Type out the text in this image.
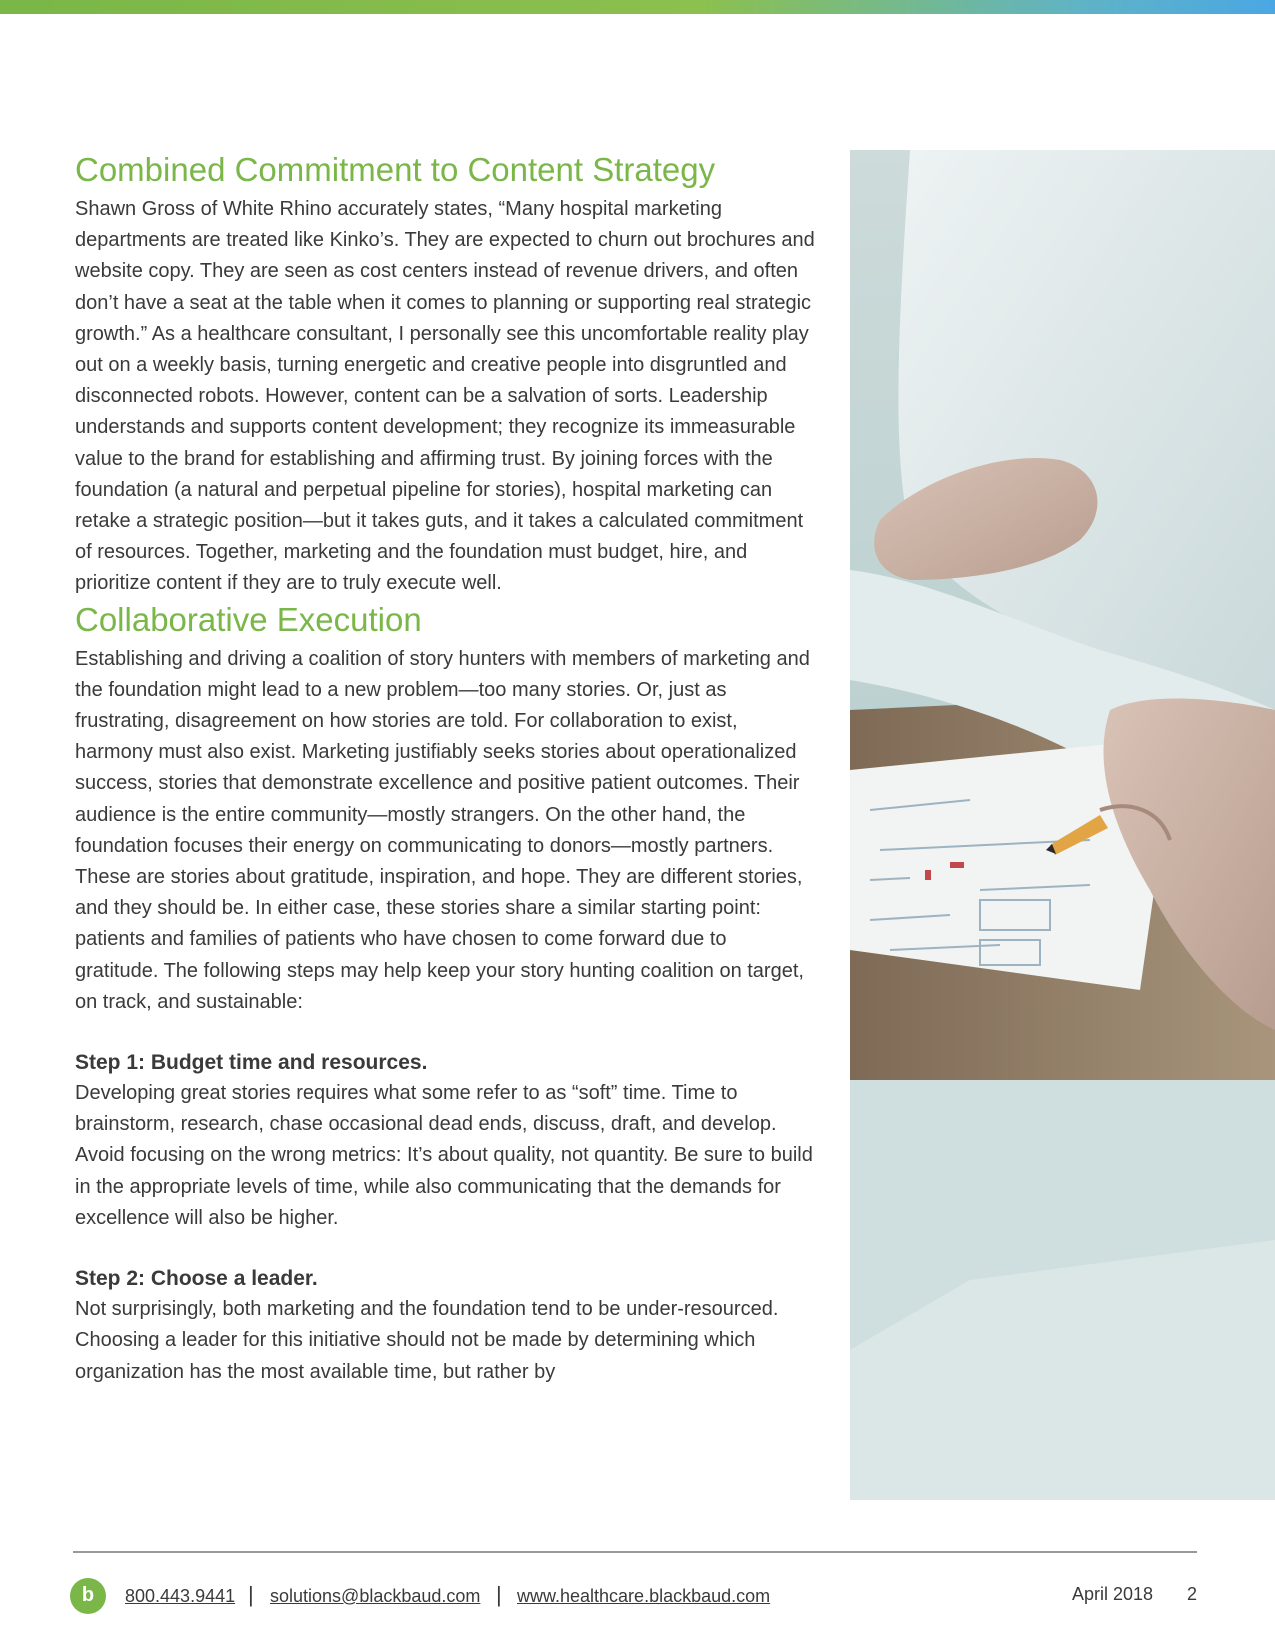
Combined Commitment to Content Strategy

Shawn Gross of White Rhino accurately states, “Many hospital marketing departments are treated like Kinko’s. They are expected to churn out brochures and website copy. They are seen as cost centers instead of revenue drivers, and often don’t have a seat at the table when it comes to planning or supporting real strategic growth.” As a healthcare consultant, I personally see this uncomfortable reality play out on a weekly basis, turning energetic and creative people into disgruntled and disconnected robots. However, content can be a salvation of sorts. Leadership understands and supports content development; they recognize its immeasurable value to the brand for establishing and affirming trust. By joining forces with the foundation (a natural and perpetual pipeline for stories), hospital marketing can retake a strategic position—but it takes guts, and it takes a calculated commitment of resources. Together, marketing and the foundation must budget, hire, and prioritize content if they are to truly execute well.

Collaborative Execution

Establishing and driving a coalition of story hunters with members of marketing and the foundation might lead to a new problem—too many stories. Or, just as frustrating, disagreement on how stories are told. For collaboration to exist, harmony must also exist. Marketing justifiably seeks stories about operationalized success, stories that demonstrate excellence and positive patient outcomes. Their audience is the entire community—mostly strangers. On the other hand, the foundation focuses their energy on communicating to donors—mostly partners. These are stories about gratitude, inspiration, and hope. They are different stories, and they should be. In either case, these stories share a similar starting point: patients and families of patients who have chosen to come forward due to gratitude. The following steps may help keep your story hunting coalition on target, on track, and sustainable:

Step 1: Budget time and resources.

Developing great stories requires what some refer to as “soft” time. Time to brainstorm, research, chase occasional dead ends, discuss, draft, and develop. Avoid focusing on the wrong metrics: It’s about quality, not quantity. Be sure to build in the appropriate levels of time, while also communicating that the demands for excellence will also be higher.

Step 2: Choose a leader.

Not surprisingly, both marketing and the foundation tend to be under-resourced. Choosing a leader for this initiative should not be made by determining which organization has the most available time, but rather by

b	800.443.9441 | solutions@blackbaud.com | www.healthcare.blackbaud.com	April 2018 2
